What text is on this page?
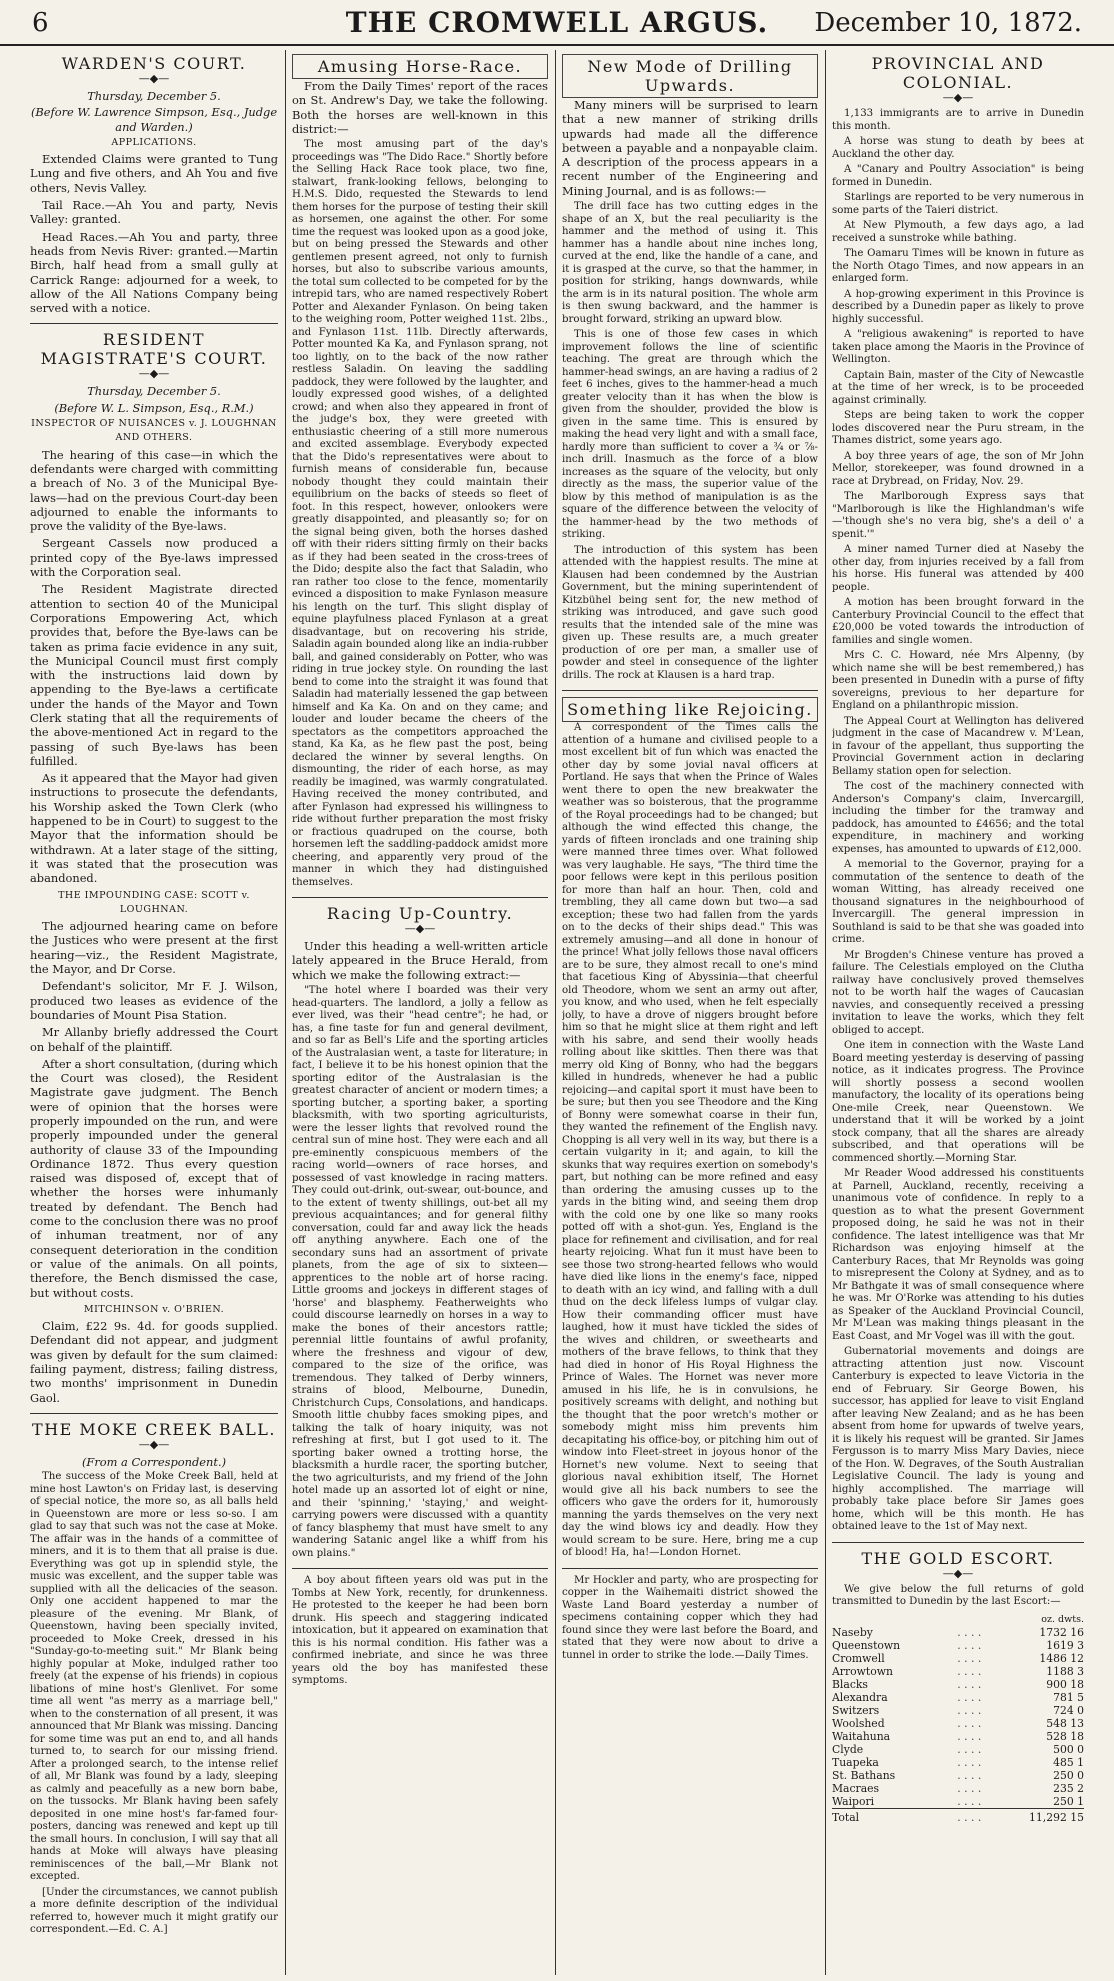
6	THE CROMWELL ARGUS.	December 10, 1872.
WARDEN'S COURT.
—◆—
Thursday, December 5.
(Before W. Lawrence Simpson, Esq., Judge and Warden.)
APPLICATIONS.

Extended Claims were granted to Tung Lung and five others, and Ah You and five others, Nevis Valley.

Tail Race.—Ah You and party, Nevis Valley: granted.

Head Races.—Ah You and party, three heads from Nevis River: granted.—Martin Birch, half head from a small gully at Carrick Range: adjourned for a week, to allow of the All Nations Company being served with a notice.

RESIDENT MAGISTRATE'S COURT.
—◆—
Thursday, December 5.
(Before W. L. Simpson, Esq., R.M.)
INSPECTOR OF NUISANCES v. J. LOUGHNAN AND OTHERS.

The hearing of this case—in which the defendants were charged with committing a breach of No. 3 of the Municipal Bye-laws—had on the previous Court-day been adjourned to enable the informants to prove the validity of the Bye-laws.

Sergeant Cassels now produced a printed copy of the Bye-laws impressed with the Corporation seal.

The Resident Magistrate directed attention to section 40 of the Municipal Corporations Empowering Act, which provides that, before the Bye-laws can be taken as prima facie evidence in any suit, the Municipal Council must first comply with the instructions laid down by appending to the Bye-laws a certificate under the hands of the Mayor and Town Clerk stating that all the requirements of the above-mentioned Act in regard to the passing of such Bye-laws has been fulfilled.

As it appeared that the Mayor had given instructions to prosecute the defendants, his Worship asked the Town Clerk (who happened to be in Court) to suggest to the Mayor that the information should be withdrawn. At a later stage of the sitting, it was stated that the prosecution was abandoned.

THE IMPOUNDING CASE: SCOTT v. LOUGHNAN.

The adjourned hearing came on before the Justices who were present at the first hearing—viz., the Resident Magistrate, the Mayor, and Dr Corse.

Defendant's solicitor, Mr F. J. Wilson, produced two leases as evidence of the boundaries of Mount Pisa Station.

Mr Allanby briefly addressed the Court on behalf of the plaintiff.

After a short consultation, (during which the Court was closed), the Resident Magistrate gave judgment. The Bench were of opinion that the horses were properly impounded on the run, and were properly impounded under the general authority of clause 33 of the Impounding Ordinance 1872. Thus every question raised was disposed of, except that of whether the horses were inhumanly treated by defendant. The Bench had come to the conclusion there was no proof of inhuman treatment, nor of any consequent deterioration in the condition or value of the animals. On all points, therefore, the Bench dismissed the case, but without costs.

MITCHINSON v. O'BRIEN.

Claim, £22 9s. 4d. for goods supplied. Defendant did not appear, and judgment was given by default for the sum claimed: failing payment, distress; failing distress, two months' imprisonment in Dunedin Gaol.

THE MOKE CREEK BALL.
—◆—
(From a Correspondent.)

The success of the Moke Creek Ball, held at mine host Lawton's on Friday last, is deserving of special notice, the more so, as all balls held in Queenstown are more or less so-so. I am glad to say that such was not the case at Moke. The affair was in the hands of a committee of miners, and it is to them that all praise is due. Everything was got up in splendid style, the music was excellent, and the supper table was supplied with all the delicacies of the season. Only one accident happened to mar the pleasure of the evening. Mr Blank, of Queenstown, having been specially invited, proceeded to Moke Creek, dressed in his "Sunday-go-to-meeting suit." Mr Blank being highly popular at Moke, indulged rather too freely (at the expense of his friends) in copious libations of mine host's Glenlivet. For some time all went "as merry as a marriage bell," when to the consternation of all present, it was announced that Mr Blank was missing. Dancing for some time was put an end to, and all hands turned to, to search for our missing friend. After a prolonged search, to the intense relief of all, Mr Blank was found by a lady, sleeping as calmly and peacefully as a new born babe, on the tussocks. Mr Blank having been safely deposited in one mine host's far-famed four-posters, dancing was renewed and kept up till the small hours. In conclusion, I will say that all hands at Moke will always have pleasing reminiscences of the ball,—Mr Blank not excepted.

[Under the circumstances, we cannot publish a more definite description of the individual referred to, however much it might gratify our correspondent.—Ed. C. A.]

Amusing Horse-Race.

From the Daily Times' report of the races on St. Andrew's Day, we take the following. Both the horses are well-known in this district:—

The most amusing part of the day's proceedings was "The Dido Race." Shortly before the Selling Hack Race took place, two fine, stalwart, frank-looking fellows, belonging to H.M.S. Dido, requested the Stewards to lend them horses for the purpose of testing their skill as horsemen, one against the other. For some time the request was looked upon as a good joke, but on being pressed the Stewards and other gentlemen present agreed, not only to furnish horses, but also to subscribe various amounts, the total sum collected to be competed for by the intrepid tars, who are named respectively Robert Potter and Alexander Fynlason. On being taken to the weighing room, Potter weighed 11st. 2lbs., and Fynlason 11st. 11lb. Directly afterwards, Potter mounted Ka Ka, and Fynlason sprang, not too lightly, on to the back of the now rather restless Saladin. On leaving the saddling paddock, they were followed by the laughter, and loudly expressed good wishes, of a delighted crowd; and when also they appeared in front of the judge's box, they were greeted with enthusiastic cheering of a still more numerous and excited assemblage. Everybody expected that the Dido's representatives were about to furnish means of considerable fun, because nobody thought they could maintain their equilibrium on the backs of steeds so fleet of foot. In this respect, however, onlookers were greatly disappointed, and pleasantly so; for on the signal being given, both the horses dashed off with their riders sitting firmly on their backs as if they had been seated in the cross-trees of the Dido; despite also the fact that Saladin, who ran rather too close to the fence, momentarily evinced a disposition to make Fynlason measure his length on the turf. This slight display of equine playfulness placed Fynlason at a great disadvantage, but on recovering his stride, Saladin again bounded along like an india-rubber ball, and gained considerably on Potter, who was riding in true jockey style. On rounding the last bend to come into the straight it was found that Saladin had materially lessened the gap between himself and Ka Ka. On and on they came; and louder and louder became the cheers of the spectators as the competitors approached the stand, Ka Ka, as he flew past the post, being declared the winner by several lengths. On dismounting, the rider of each horse, as may readily be imagined, was warmly congratulated. Having received the money contributed, and after Fynlason had expressed his willingness to ride without further preparation the most frisky or fractious quadruped on the course, both horsemen left the saddling-paddock amidst more cheering, and apparently very proud of the manner in which they had distinguished themselves.

Racing Up-Country.
—◆—

Under this heading a well-written article lately appeared in the Bruce Herald, from which we make the following extract:—

"The hotel where I boarded was their very head-quarters. The landlord, a jolly a fellow as ever lived, was their "head centre"; he had, or has, a fine taste for fun and general devilment, and so far as Bell's Life and the sporting articles of the Australasian went, a taste for literature; in fact, I believe it to be his honest opinion that the sporting editor of the Australasian is the greatest character of ancient or modern times; a sporting butcher, a sporting baker, a sporting blacksmith, with two sporting agriculturists, were the lesser lights that revolved round the central sun of mine host. They were each and all pre-eminently conspicuous members of the racing world—owners of race horses, and possessed of vast knowledge in racing matters. They could out-drink, out-swear, out-bounce, and to the extent of twenty shillings, out-bet all my previous acquaintances; and for general filthy conversation, could far and away lick the heads off anything anywhere. Each one of the secondary suns had an assortment of private planets, from the age of six to sixteen—apprentices to the noble art of horse racing. Little grooms and jockeys in different stages of 'horse' and blasphemy. Featherweights who could discourse learnedly on horses in a way to make the bones of their ancestors rattle; perennial little fountains of awful profanity, where the freshness and vigour of dew, compared to the size of the orifice, was tremendous. They talked of Derby winners, strains of blood, Melbourne, Dunedin, Christchurch Cups, Consolations, and handicaps. Smooth little chubby faces smoking pipes, and talking the talk of hoary iniquity, was not refreshing at first, but I got used to it. The sporting baker owned a trotting horse, the blacksmith a hurdle racer, the sporting butcher, the two agriculturists, and my friend of the John hotel made up an assorted lot of eight or nine, and their 'spinning,' 'staying,' and weight-carrying powers were discussed with a quantity of fancy blasphemy that must have smelt to any wandering Satanic angel like a whiff from his own plains."

A boy about fifteen years old was put in the Tombs at New York, recently, for drunkenness. He protested to the keeper he had been born drunk. His speech and staggering indicated intoxication, but it appeared on examination that this is his normal condition. His father was a confirmed inebriate, and since he was three years old the boy has manifested these symptoms.

New Mode of Drilling Upwards.

Many miners will be surprised to learn that a new manner of striking drills upwards had made all the difference between a payable and a nonpayable claim. A description of the process appears in a recent number of the Engineering and Mining Journal, and is as follows:—

The drill face has two cutting edges in the shape of an X, but the real peculiarity is the hammer and the method of using it. This hammer has a handle about nine inches long, curved at the end, like the handle of a cane, and it is grasped at the curve, so that the hammer, in position for striking, hangs downwards, while the arm is in its natural position. The whole arm is then swung backward, and the hammer is brought forward, striking an upward blow.

This is one of those few cases in which improvement follows the line of scientific teaching. The great are through which the hammer-head swings, an are having a radius of 2 feet 6 inches, gives to the hammer-head a much greater velocity than it has when the blow is given from the shoulder, provided the blow is given in the same time. This is ensured by making the head very light and with a small face, hardly more than sufficient to cover a ¾ or ⅞-inch drill. Inasmuch as the force of a blow increases as the square of the velocity, but only directly as the mass, the superior value of the blow by this method of manipulation is as the square of the difference between the velocity of the hammer-head by the two methods of striking.

The introduction of this system has been attended with the happiest results. The mine at Klausen had been condemned by the Austrian Government, but the mining superintendent of Kitzbühel being sent for, the new method of striking was introduced, and gave such good results that the intended sale of the mine was given up. These results are, a much greater production of ore per man, a smaller use of powder and steel in consequence of the lighter drills. The rock at Klausen is a hard trap.

Something like Rejoicing.

A correspondent of the Times calls the attention of a humane and civilised people to a most excellent bit of fun which was enacted the other day by some jovial naval officers at Portland. He says that when the Prince of Wales went there to open the new breakwater the weather was so boisterous, that the programme of the Royal proceedings had to be changed; but although the wind effected this change, the yards of fifteen ironclads and one training ship were manned three times over. What followed was very laughable. He says, "The third time the poor fellows were kept in this perilous position for more than half an hour. Then, cold and trembling, they all came down but two—a sad exception; these two had fallen from the yards on to the decks of their ships dead." This was extremely amusing—and all done in honour of the prince! What jolly fellows those naval officers are to be sure, they almost recall to one's mind that facetious King of Abyssinia—that cheerful old Theodore, whom we sent an army out after, you know, and who used, when he felt especially jolly, to have a drove of niggers brought before him so that he might slice at them right and left with his sabre, and send their woolly heads rolling about like skittles. Then there was that merry old King of Bonny, who had the beggars killed in hundreds, whenever he had a public rejoicing—and capital sport it must have been to be sure; but then you see Theodore and the King of Bonny were somewhat coarse in their fun, they wanted the refinement of the English navy. Chopping is all very well in its way, but there is a certain vulgarity in it; and again, to kill the skunks that way requires exertion on somebody's part, but nothing can be more refined and easy than ordering the amusing cusses up to the yards in the biting wind, and seeing them drop with the cold one by one like so many rooks potted off with a shot-gun. Yes, England is the place for refinement and civilisation, and for real hearty rejoicing. What fun it must have been to see those two strong-hearted fellows who would have died like lions in the enemy's face, nipped to death with an icy wind, and falling with a dull thud on the deck lifeless lumps of vulgar clay. How their commanding officer must have laughed, how it must have tickled the sides of the wives and children, or sweethearts and mothers of the brave fellows, to think that they had died in honor of His Royal Highness the Prince of Wales. The Hornet was never more amused in his life, he is in convulsions, he positively screams with delight, and nothing but the thought that the poor wretch's mother or somebody might miss him prevents him decapitating his office-boy, or pitching him out of window into Fleet-street in joyous honor of the Hornet's new volume. Next to seeing that glorious naval exhibition itself, The Hornet would give all his back numbers to see the officers who gave the orders for it, humorously manning the yards themselves on the very next day the wind blows icy and deadly. How they would scream to be sure. Here, bring me a cup of blood! Ha, ha!—London Hornet.

Mr Hockler and party, who are prospecting for copper in the Waihemaiti district showed the Waste Land Board yesterday a number of specimens containing copper which they had found since they were last before the Board, and stated that they were now about to drive a tunnel in order to strike the lode.—Daily Times.

PROVINCIAL AND COLONIAL.
—◆—

1,133 immigrants are to arrive in Dunedin this month.

A horse was stung to death by bees at Auckland the other day.

A "Canary and Poultry Association" is being formed in Dunedin.

Starlings are reported to be very numerous in some parts of the Taieri district.

At New Plymouth, a few days ago, a lad received a sunstroke while bathing.

The Oamaru Times will be known in future as the North Otago Times, and now appears in an enlarged form.

A hop-growing experiment in this Province is described by a Dunedin paper as likely to prove highly successful.

A "religious awakening" is reported to have taken place among the Maoris in the Province of Wellington.

Captain Bain, master of the City of Newcastle at the time of her wreck, is to be proceeded against criminally.

Steps are being taken to work the copper lodes discovered near the Puru stream, in the Thames district, some years ago.

A boy three years of age, the son of Mr John Mellor, storekeeper, was found drowned in a race at Drybread, on Friday, Nov. 29.

The Marlborough Express says that "Marlborough is like the Highlandman's wife—'though she's no vera big, she's a deil o' a spenit.'"

A miner named Turner died at Naseby the other day, from injuries received by a fall from his horse. His funeral was attended by 400 people.

A motion has been brought forward in the Canterbury Provincial Council to the effect that £20,000 be voted towards the introduction of families and single women.

Mrs C. C. Howard, née Mrs Alpenny, (by which name she will be best remembered,) has been presented in Dunedin with a purse of fifty sovereigns, previous to her departure for England on a philanthropic mission.

The Appeal Court at Wellington has delivered judgment in the case of Macandrew v. M'Lean, in favour of the appellant, thus supporting the Provincial Government action in declaring Bellamy station open for selection.

The cost of the machinery connected with Anderson's Company's claim, Invercargill, including the timber for the tramway and paddock, has amounted to £4656; and the total expenditure, in machinery and working expenses, has amounted to upwards of £12,000.

A memorial to the Governor, praying for a commutation of the sentence to death of the woman Witting, has already received one thousand signatures in the neighbourhood of Invercargill. The general impression in Southland is said to be that she was goaded into crime.

Mr Brogden's Chinese venture has proved a failure. The Celestials employed on the Clutha railway have conclusively proved themselves not to be worth half the wages of Caucasian navvies, and consequently received a pressing invitation to leave the works, which they felt obliged to accept.

One item in connection with the Waste Land Board meeting yesterday is deserving of passing notice, as it indicates progress. The Province will shortly possess a second woollen manufactory, the locality of its operations being One-mile Creek, near Queenstown. We understand that it will be worked by a joint stock company, that all the shares are already subscribed, and that operations will be commenced shortly.—Morning Star.

Mr Reader Wood addressed his constituents at Parnell, Auckland, recently, receiving a unanimous vote of confidence. In reply to a question as to what the present Government proposed doing, he said he was not in their confidence. The latest intelligence was that Mr Richardson was enjoying himself at the Canterbury Races, that Mr Reynolds was going to misrepresent the Colony at Sydney, and as to Mr Bathgate it was of small consequence where he was. Mr O'Rorke was attending to his duties as Speaker of the Auckland Provincial Council, Mr M'Lean was making things pleasant in the East Coast, and Mr Vogel was ill with the gout.

Gubernatorial movements and doings are attracting attention just now. Viscount Canterbury is expected to leave Victoria in the end of February. Sir George Bowen, his successor, has applied for leave to visit England after leaving New Zealand; and as he has been absent from home for upwards of twelve years, it is likely his request will be granted. Sir James Fergusson is to marry Miss Mary Davies, niece of the Hon. W. Degraves, of the South Australian Legislative Council. The lady is young and highly accomplished. The marriage will probably take place before Sir James goes home, which will be this month. He has obtained leave to the 1st of May next.

THE GOLD ESCORT.
—◆—

We give below the full returns of gold transmitted to Dunedin by the last Escort:—

		oz. dwts.
Naseby	. . . .	1732 16
Queenstown	. . . .	1619 3
Cromwell	. . . .	1486 12
Arrowtown	. . . .	1188 3
Blacks	. . . .	900 18
Alexandra	. . . .	781 5
Switzers	. . . .	724 0
Woolshed	. . . .	548 13
Waitahuna	. . . .	528 18
Clyde	. . . .	500 0
Tuapeka	. . . .	485 1
St. Bathans	. . . .	250 0
Macraes	. . . .	235 2
Waipori	. . . .	250 1
Total	. . . .	11,292 15
